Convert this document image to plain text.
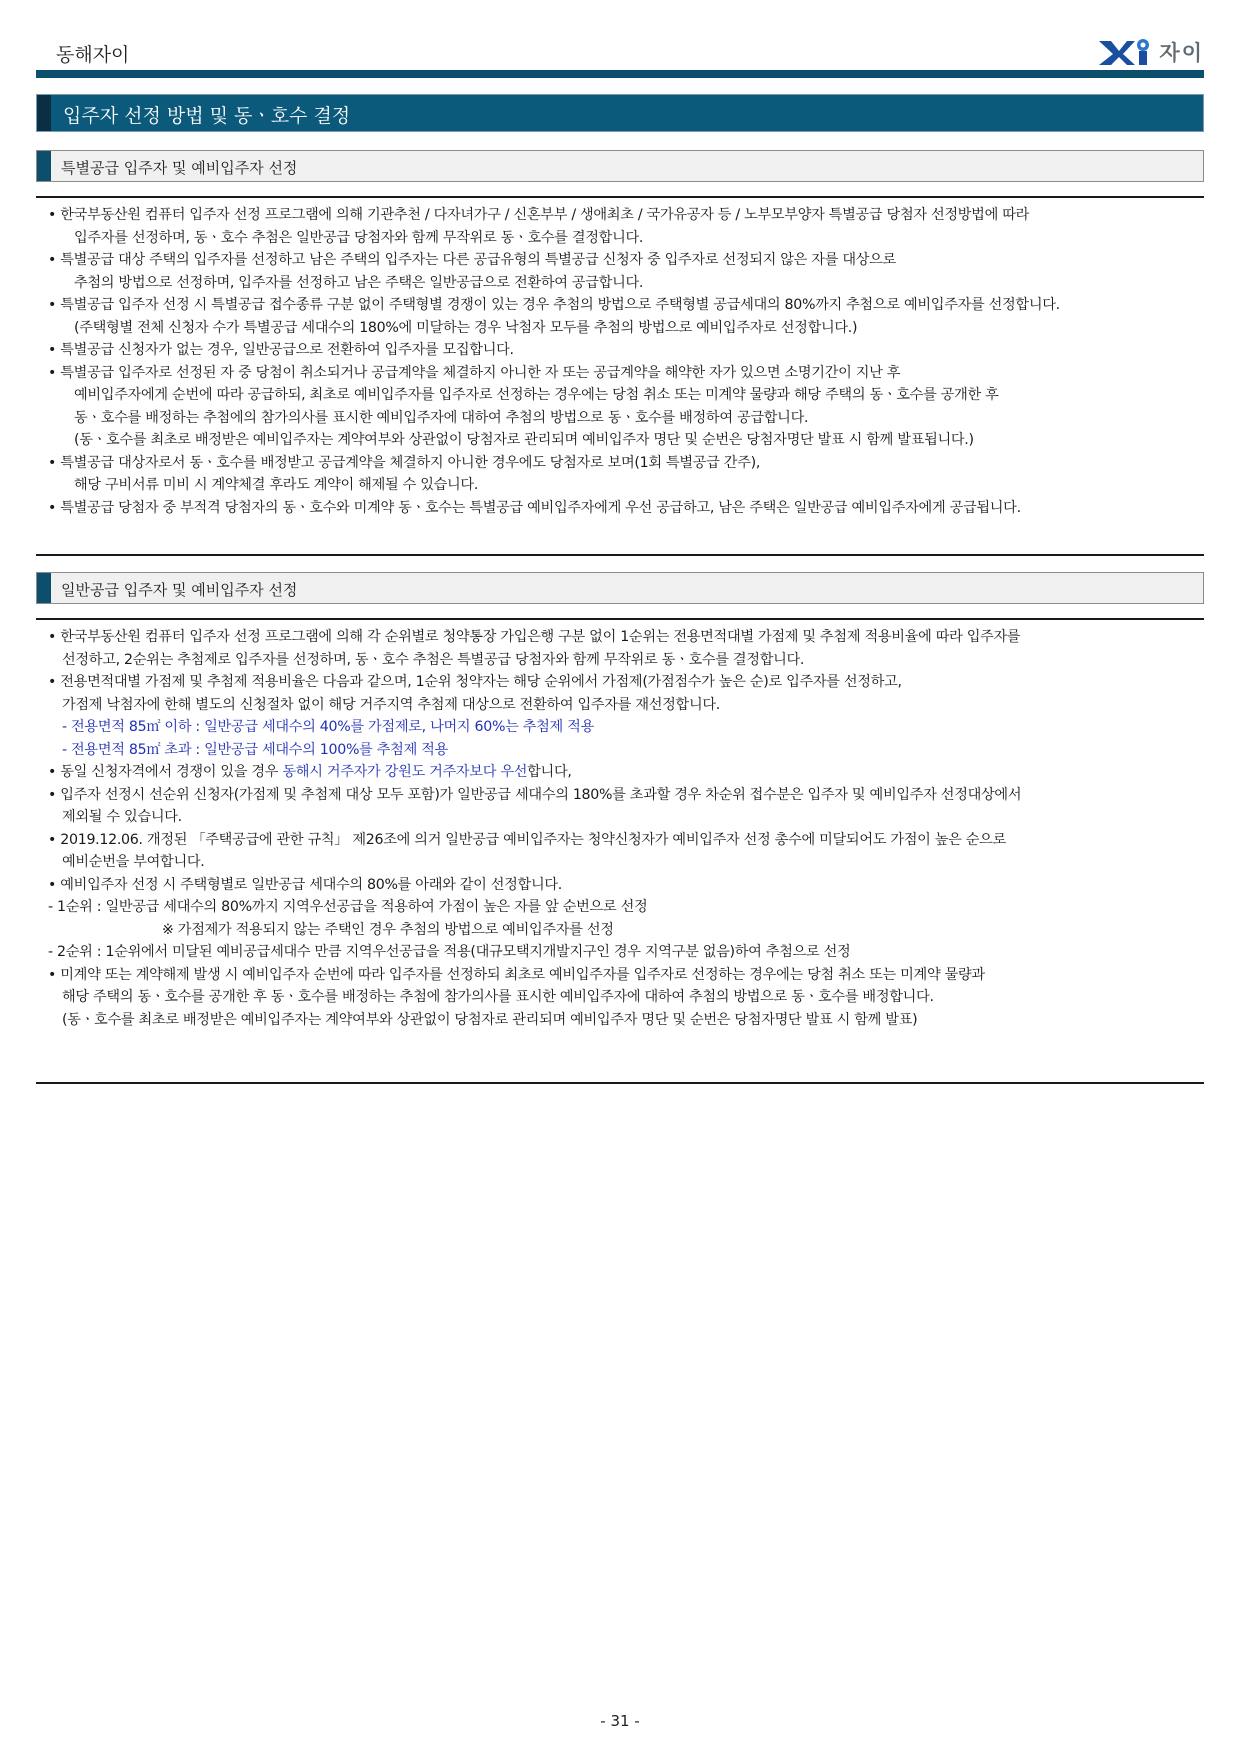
동해자이	자이
입주자 선정 방법 및 동ㆍ호수 결정
특별공급 입주자 및 예비입주자 선정
• 한국부동산원 컴퓨터 입주자 선정 프로그램에 의해 기관추천 / 다자녀가구 / 신혼부부 / 생애최초 / 국가유공자 등 / 노부모부양자 특별공급 당첨자 선정방법에 따라
입주자를 선정하며, 동ㆍ호수 추첨은 일반공급 당첨자와 함께 무작위로 동ㆍ호수를 결정합니다.
• 특별공급 대상 주택의 입주자를 선정하고 남은 주택의 입주자는 다른 공급유형의 특별공급 신청자 중 입주자로 선정되지 않은 자를 대상으로
추첨의 방법으로 선정하며, 입주자를 선정하고 남은 주택은 일반공급으로 전환하여 공급합니다.
• 특별공급 입주자 선정 시 특별공급 접수종류 구분 없이 주택형별 경쟁이 있는 경우 추첨의 방법으로 주택형별 공급세대의 80%까지 추첨으로 예비입주자를 선정합니다.
(주택형별 전체 신청자 수가 특별공급 세대수의 180%에 미달하는 경우 낙첨자 모두를 추첨의 방법으로 예비입주자로 선정합니다.)
• 특별공급 신청자가 없는 경우, 일반공급으로 전환하여 입주자를 모집합니다.
• 특별공급 입주자로 선정된 자 중 당첨이 취소되거나 공급계약을 체결하지 아니한 자 또는 공급계약을 해약한 자가 있으면 소명기간이 지난 후
예비입주자에게 순번에 따라 공급하되, 최초로 예비입주자를 입주자로 선정하는 경우에는 당첨 취소 또는 미계약 물량과 해당 주택의 동ㆍ호수를 공개한 후
동ㆍ호수를 배정하는 추첨에의 참가의사를 표시한 예비입주자에 대하여 추첨의 방법으로 동ㆍ호수를 배정하여 공급합니다.
(동ㆍ호수를 최초로 배정받은 예비입주자는 계약여부와 상관없이 당첨자로 관리되며 예비입주자 명단 및 순번은 당첨자명단 발표 시 함께 발표됩니다.)
• 특별공급 대상자로서 동ㆍ호수를 배정받고 공급계약을 체결하지 아니한 경우에도 당첨자로 보며(1회 특별공급 간주),
해당 구비서류 미비 시 계약체결 후라도 계약이 해제될 수 있습니다.
• 특별공급 당첨자 중 부적격 당첨자의 동ㆍ호수와 미계약 동ㆍ호수는 특별공급 예비입주자에게 우선 공급하고, 남은 주택은 일반공급 예비입주자에게 공급됩니다.
일반공급 입주자 및 예비입주자 선정
• 한국부동산원 컴퓨터 입주자 선정 프로그램에 의해 각 순위별로 청약통장 가입은행 구분 없이 1순위는 전용면적대별 가점제 및 추첨제 적용비율에 따라 입주자를
선정하고, 2순위는 추첨제로 입주자를 선정하며, 동ㆍ호수 추첨은 특별공급 당첨자와 함께 무작위로 동ㆍ호수를 결정합니다.
• 전용면적대별 가점제 및 추첨제 적용비율은 다음과 같으며, 1순위 청약자는 해당 순위에서 가점제(가점점수가 높은 순)로 입주자를 선정하고,
가점제 낙첨자에 한해 별도의 신청절차 없이 해당 거주지역 추첨제 대상으로 전환하여 입주자를 재선정합니다.
- 전용면적 85㎡ 이하 : 일반공급 세대수의 40%를 가점제로, 나머지 60%는 추첨제 적용
- 전용면적 85㎡ 초과 : 일반공급 세대수의 100%를 추첨제 적용
• 동일 신청자격에서 경쟁이 있을 경우 동해시 거주자가 강원도 거주자보다 우선합니다,
• 입주자 선정시 선순위 신청자(가점제 및 추첨제 대상 모두 포함)가 일반공급 세대수의 180%를 초과할 경우 차순위 접수분은 입주자 및 예비입주자 선정대상에서
제외될 수 있습니다.
• 2019.12.06. 개정된 「주택공급에 관한 규칙」 제26조에 의거 일반공급 예비입주자는 청약신청자가 예비입주자 선정 총수에 미달되어도 가점이 높은 순으로
예비순번을 부여합니다.
• 예비입주자 선정 시 주택형별로 일반공급 세대수의 80%를 아래와 같이 선정합니다.
- 1순위 : 일반공급 세대수의 80%까지 지역우선공급을 적용하여 가점이 높은 자를 앞 순번으로 선정
※ 가점제가 적용되지 않는 주택인 경우 추첨의 방법으로 예비입주자를 선정
- 2순위 : 1순위에서 미달된 예비공급세대수 만큼 지역우선공급을 적용(대규모택지개발지구인 경우 지역구분 없음)하여 추첨으로 선정
• 미계약 또는 계약해제 발생 시 예비입주자 순번에 따라 입주자를 선정하되 최초로 예비입주자를 입주자로 선정하는 경우에는 당첨 취소 또는 미계약 물량과
해당 주택의 동ㆍ호수를 공개한 후 동ㆍ호수를 배정하는 추첨에 참가의사를 표시한 예비입주자에 대하여 추첨의 방법으로 동ㆍ호수를 배정합니다.
(동ㆍ호수를 최초로 배정받은 예비입주자는 계약여부와 상관없이 당첨자로 관리되며 예비입주자 명단 및 순번은 당첨자명단 발표 시 함께 발표)
- 31 -
